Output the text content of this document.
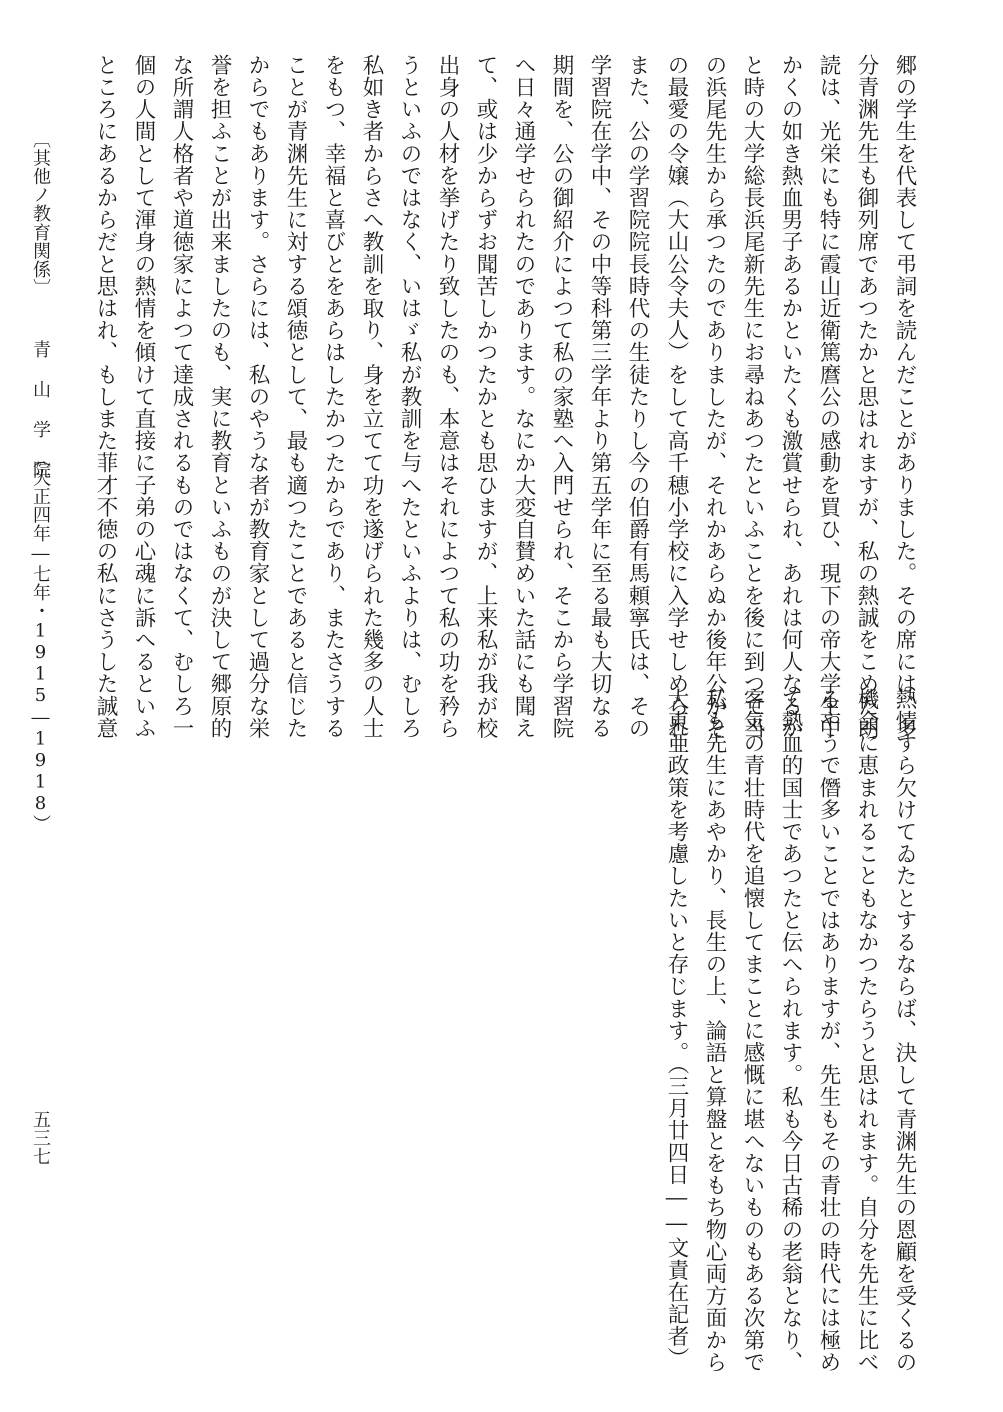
郷の学生を代表して弔詞を読んだことがありました。その席には、多
分青渊先生も御列席であつたかと思はれますが、私の熱誠をこめた朗
読は、光栄にも特に霞山近衛篤麿公の感動を買ひ、現下の帝大学生中
かくの如き熱血男子あるかといたくも激賞せられ、あれは何人なるか
と時の大学総長浜尾新先生にお尋ねあつたといふことを後に到つて当
の浜尾先生から承つたのでありましたが、それかあらぬか後年公がそ
の最愛の令嬢（大山公令夫人）をして高千穂小学校に入学せしめられ
また、公の学習院院長時代の生徒たりし今の伯爵有馬頼寧氏は、その
学習院在学中、その中等科第三学年より第五学年に至る最も大切なる
期間を、公の御紹介によつて私の家塾へ入門せられ、そこから学習院
へ日々通学せられたのであります。なにか大変自賛めいた話にも聞え
て、或は少からずお聞苦しかつたかとも思ひますが、上来私が我が校
出身の人材を挙げたり致したのも、本意はそれによつて私の功を矜ら
うといふのではなく、いはゞ私が教訓を与へたといふよりは、むしろ
私如き者からさへ教訓を取り、身を立てて功を遂げられた幾多の人士
をもつ、幸福と喜びとをあらはしたかつたからであり、またさうする
ことが青渊先生に対する頌徳として、最も適つたことであると信じた
からでもあります。さらには、私のやうな者が教育家として過分な栄
誉を担ふことが出来ましたのも、実に教育といふものが決して郷原的
な所謂人格者や道徳家によつて達成されるものではなくて、むしろ一
個の人間として渾身の熱情を傾けて直接に子弟の心魂に訴へるといふ
ところにあるからだと思はれ、もしまた菲才不徳の私にさうした誠意
熱情すら欠けてゐたとするならば、決して青渊先生の恩顧を受くるの
機会に恵まれることもなかつたらうと思はれます。自分を先生に比べ
るやうで僭多いことではありますが、先生もその青壮の時代には極め
て熱血的国士であつたと伝へられます。私も今日古稀の老翁となり、
客気の青壮時代を追懐してまことに感慨に堪へないものもある次第で
私も先生にあやかり、長生の上、論語と算盤とをもち物心両方面から
大東亜政策を考慮したいと存じます。（三月廿四日――文責在記者）
〔其他ノ教育関係〕
青 山 学 院
（大正四年―七年・1915―1918）
五三七
